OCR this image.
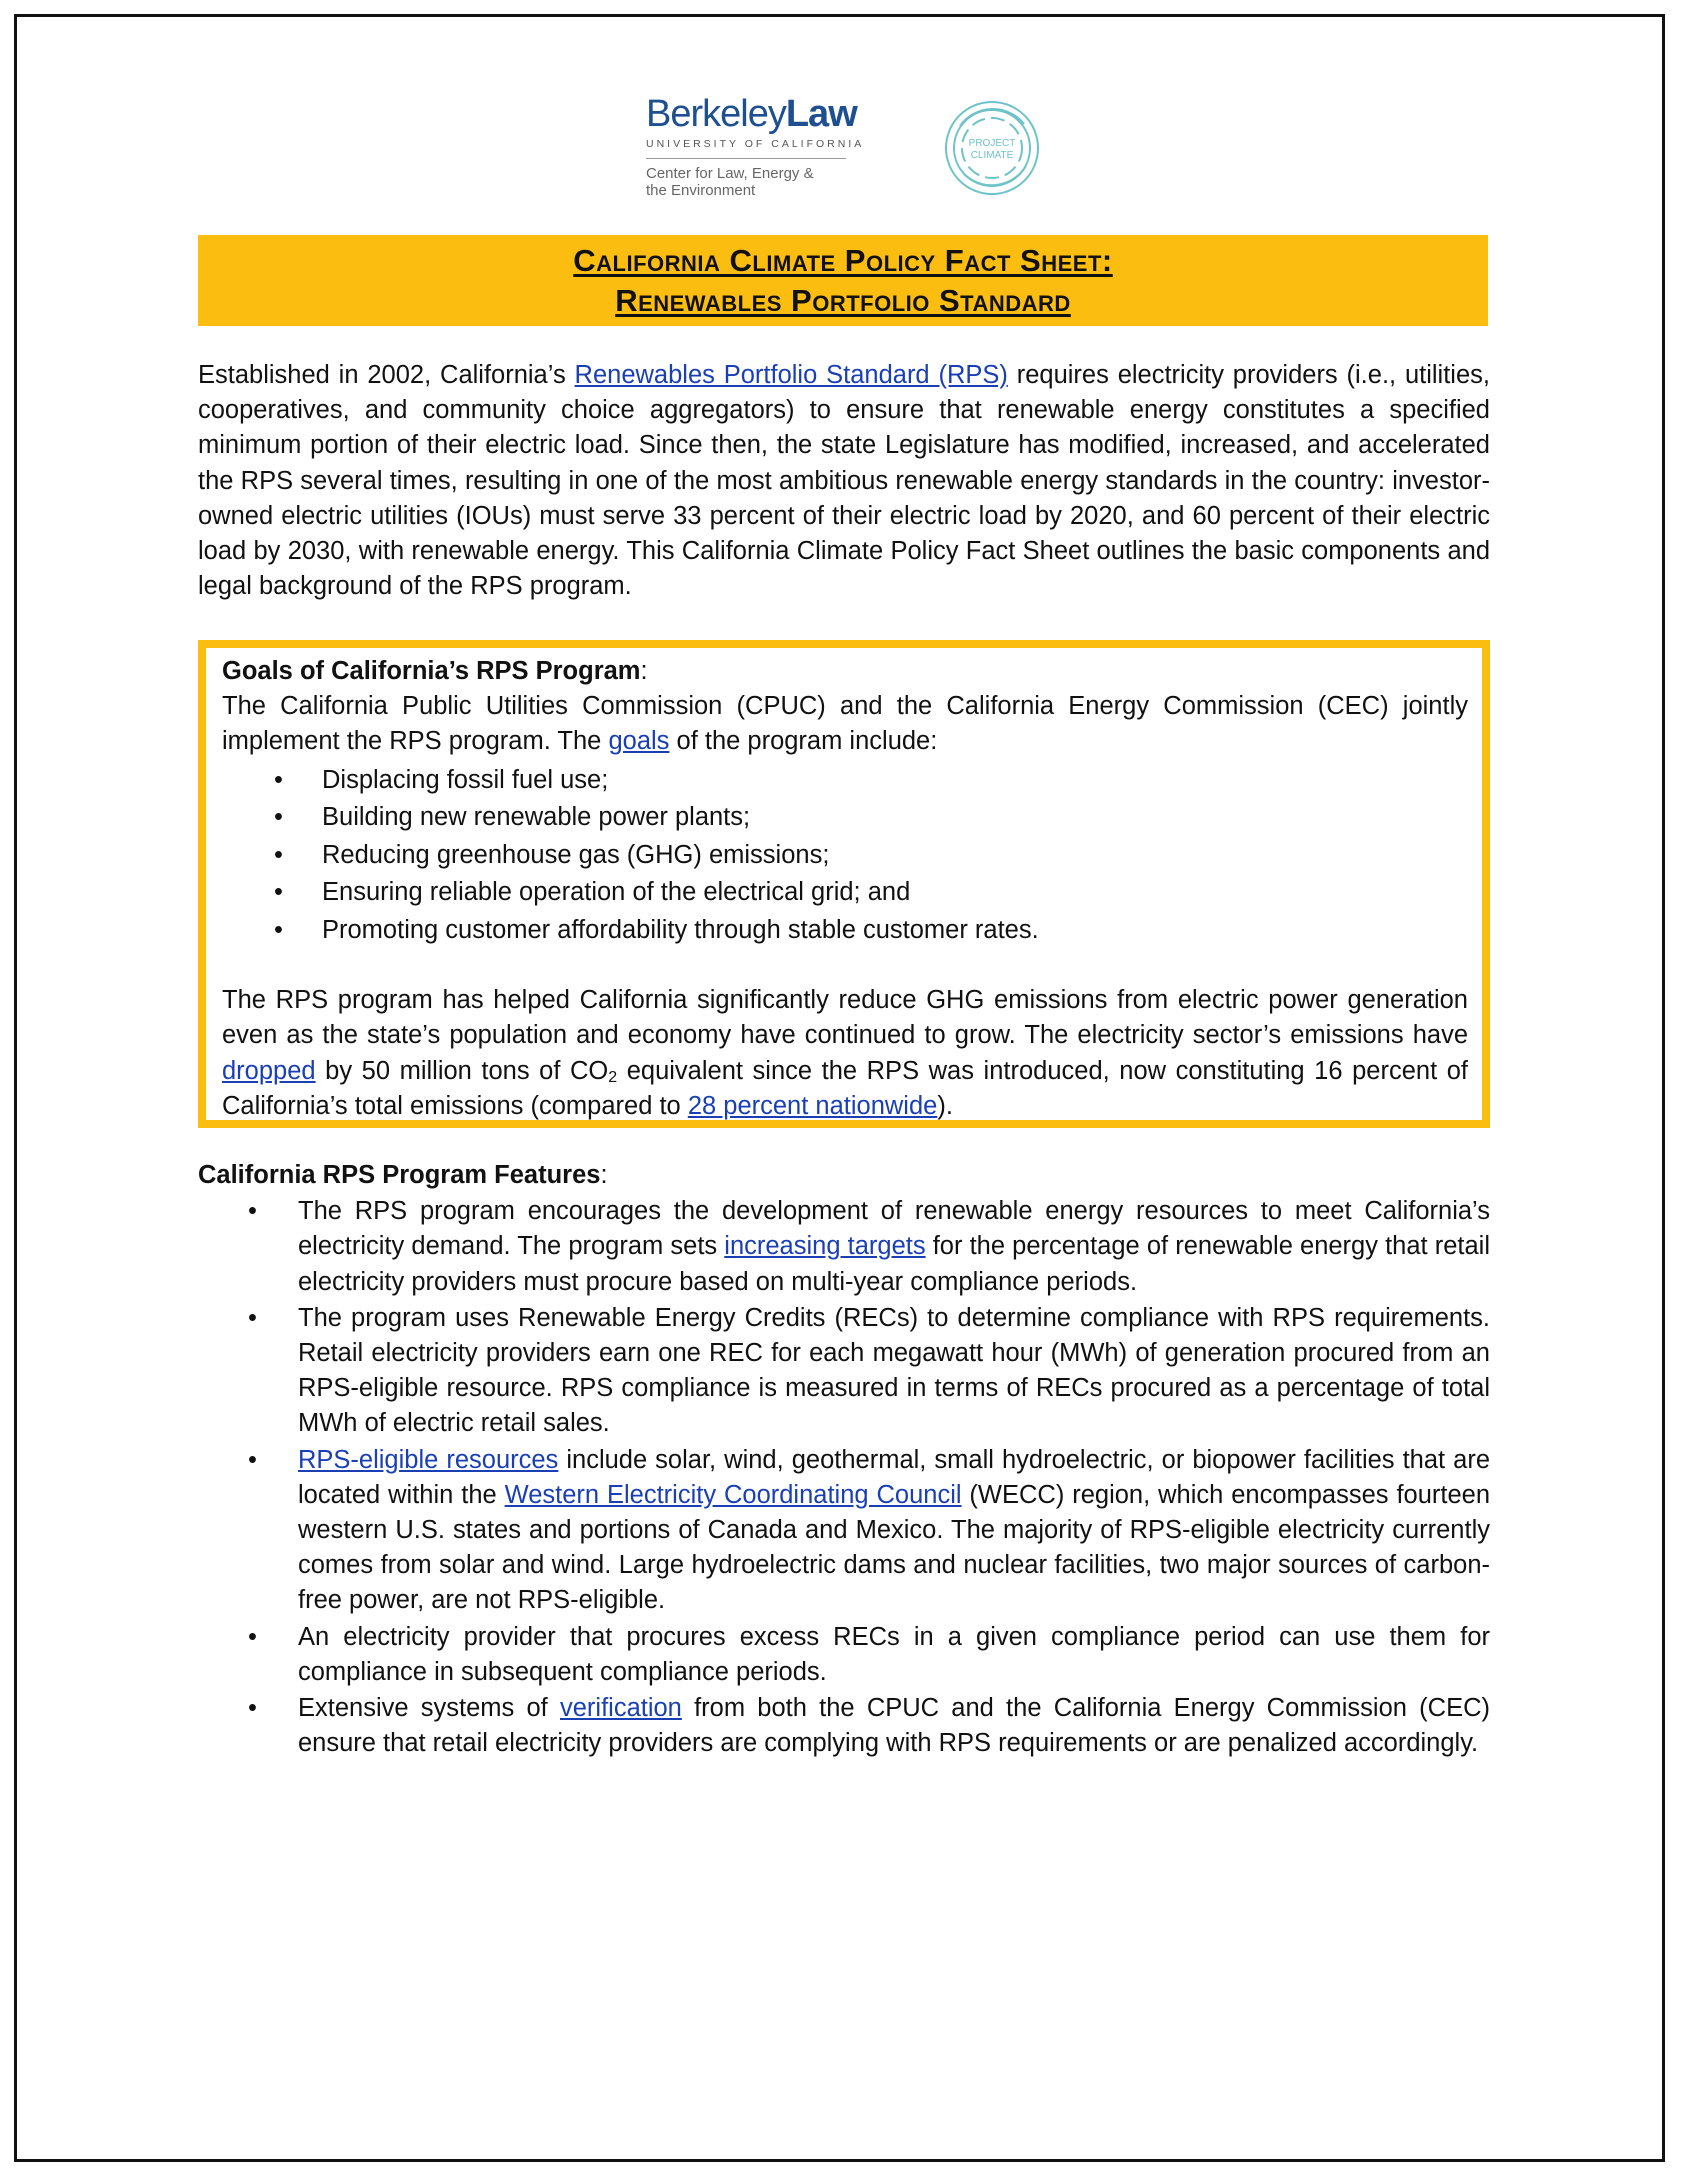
BerkeleyLaw
UNIVERSITY OF CALIFORNIA
Center for Law, Energy &
the Environment
PROJECT
CLIMATE
California Climate Policy Fact Sheet:
Renewables Portfolio Standard

Established in 2002, California’s Renewables Portfolio Standard (RPS) requires electricity providers (i.e., utilities, cooperatives, and community choice aggregators) to ensure that renewable energy constitutes a specified minimum portion of their electric load. Since then, the state Legislature has modified, increased, and accelerated the RPS several times, resulting in one of the most ambitious renewable energy standards in the country: investor-owned electric utilities (IOUs) must serve 33 percent of their electric load by 2020, and 60 percent of their electric load by 2030, with renewable energy. This California Climate Policy Fact Sheet outlines the basic components and legal background of the RPS program.

Goals of California’s RPS Program:
The California Public Utilities Commission (CPUC) and the California Energy Commission (CEC) jointly implement the RPS program. The goals of the program include:
• Displacing fossil fuel use;
• Building new renewable power plants;
• Reducing greenhouse gas (GHG) emissions;
• Ensuring reliable operation of the electrical grid; and
• Promoting customer affordability through stable customer rates.
The RPS program has helped California significantly reduce GHG emissions from electric power generation even as the state’s population and economy have continued to grow. The electricity sector’s emissions have dropped by 50 million tons of $CO_2$ equivalent since the RPS was introduced, now constituting 16 percent of California’s total emissions (compared to 28 percent nationwide).
California RPS Program Features:
• The RPS program encourages the development of renewable energy resources to meet California’s electricity demand. The program sets increasing targets for the percentage of renewable energy that retail electricity providers must procure based on multi-year compliance periods.
• The program uses Renewable Energy Credits (RECs) to determine compliance with RPS requirements. Retail electricity providers earn one REC for each megawatt hour (MWh) of generation procured from an RPS-eligible resource. RPS compliance is measured in terms of RECs procured as a percentage of total MWh of electric retail sales.
• RPS-eligible resources include solar, wind, geothermal, small hydroelectric, or biopower facilities that are located within the Western Electricity Coordinating Council (WECC) region, which encompasses fourteen western U.S. states and portions of Canada and Mexico. The majority of RPS-eligible electricity currently comes from solar and wind. Large hydroelectric dams and nuclear facilities, two major sources of carbon-free power, are not RPS-eligible.
• An electricity provider that procures excess RECs in a given compliance period can use them for compliance in subsequent compliance periods.
• Extensive systems of verification from both the CPUC and the California Energy Commission (CEC) ensure that retail electricity providers are complying with RPS requirements or are penalized accordingly.
